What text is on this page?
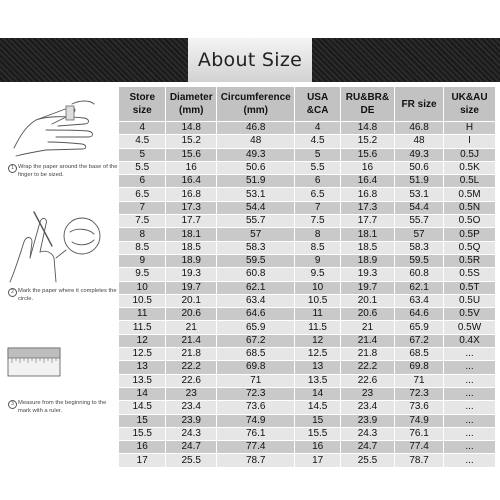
About Size
1 Wrap the paper around the base of the finger to be sized.
2 Mark the paper where it completes the circle.
3 Measure from the beginning to the mark with a ruler.
Store size	Diameter (mm)	Circumference (mm)	USA &CA	RU&BR& DE	FR size	UK&AU size
4	14.8	46.8	4	14.8	46.8	H
4.5	15.2	48	4.5	15.2	48	I
5	15.6	49.3	5	15.6	49.3	0.5J
5.5	16	50.6	5.5	16	50.6	0.5K
6	16.4	51.9	6	16.4	51.9	0.5L
6.5	16.8	53.1	6.5	16.8	53.1	0.5M
7	17.3	54.4	7	17.3	54.4	0.5N
7.5	17.7	55.7	7.5	17.7	55.7	0.5O
8	18.1	57	8	18.1	57	0.5P
8.5	18.5	58.3	8.5	18.5	58.3	0.5Q
9	18.9	59.5	9	18.9	59.5	0.5R
9.5	19.3	60.8	9.5	19.3	60.8	0.5S
10	19.7	62.1	10	19.7	62.1	0.5T
10.5	20.1	63.4	10.5	20.1	63.4	0.5U
11	20.6	64.6	11	20.6	64.6	0.5V
11.5	21	65.9	11.5	21	65.9	0.5W
12	21.4	67.2	12	21.4	67.2	0.4X
12.5	21.8	68.5	12.5	21.8	68.5	...
13	22.2	69.8	13	22.2	69.8	...
13.5	22.6	71	13.5	22.6	71	...
14	23	72.3	14	23	72.3	...
14.5	23.4	73.6	14.5	23.4	73.6	...
15	23.9	74.9	15	23.9	74.9	...
15.5	24.3	76.1	15.5	24.3	76.1	...
16	24.7	77.4	16	24.7	77.4	...
17	25.5	78.7	17	25.5	78.7	...
